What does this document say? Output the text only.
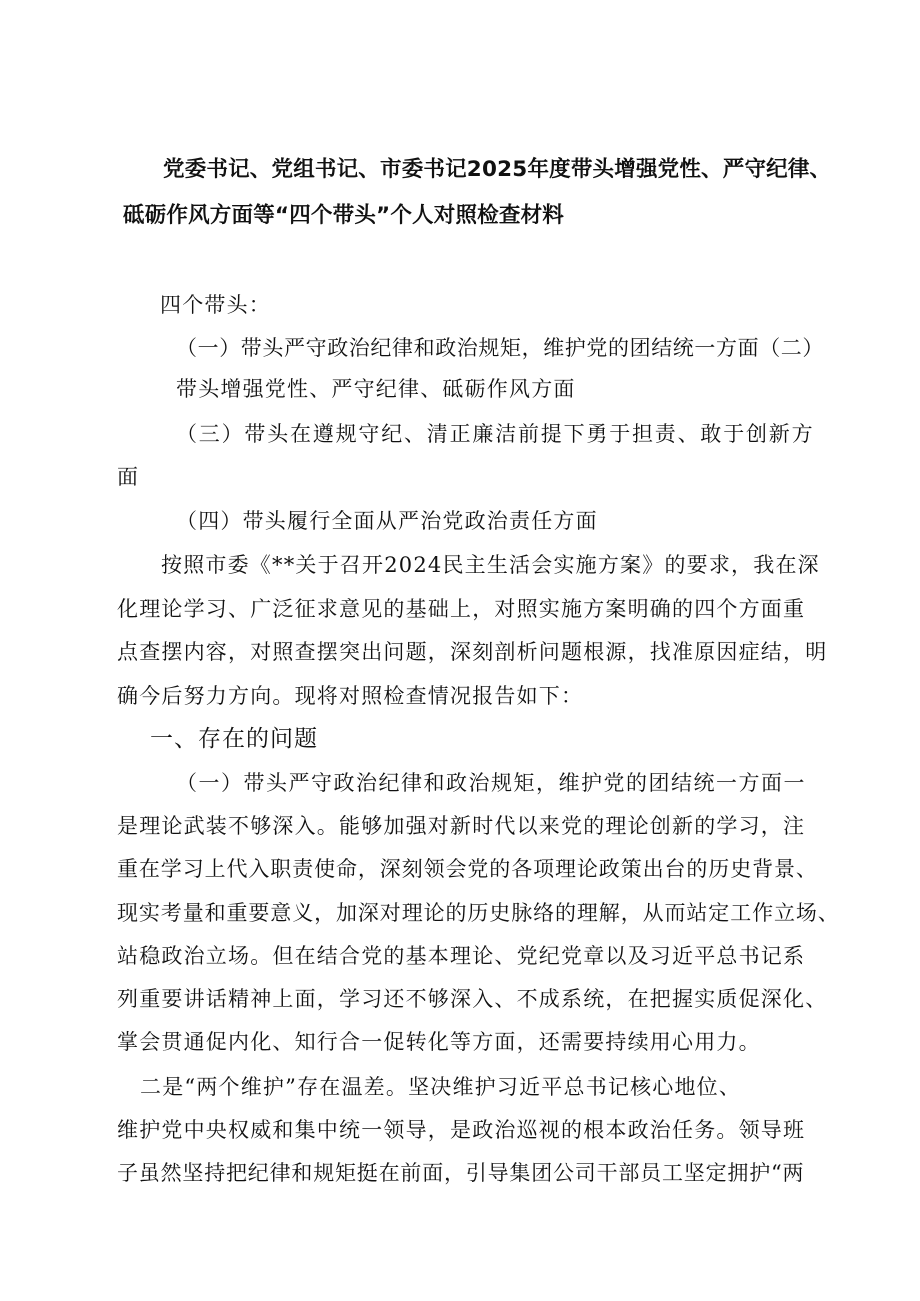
党委书记、党组书记、市委书记2025年度带头增强党性、严守纪律、
砥砺作风方面等“四个带头”个人对照检查材料
四个带头：
（一）带头严守政治纪律和政治规矩，维护党的团结统一方面（二）
带头增强党性、严守纪律、砥砺作风方面
（三）带头在遵规守纪、清正廉洁前提下勇于担责、敢于创新方
面
（四）带头履行全面从严治党政治责任方面
按照市委《**关于召开2024民主生活会实施方案》的要求，我在深
化理论学习、广泛征求意见的基础上，对照实施方案明确的四个方面重
点查摆内容，对照查摆突出问题，深刻剖析问题根源，找准原因症结，明
确今后努力方向。现将对照检查情况报告如下：
一、存在的问题
（一）带头严守政治纪律和政治规矩，维护党的团结统一方面一
是理论武装不够深入。能够加强对新时代以来党的理论创新的学习，注
重在学习上代入职责使命，深刻领会党的各项理论政策出台的历史背景、
现实考量和重要意义，加深对理论的历史脉络的理解，从而站定工作立场、
站稳政治立场。但在结合党的基本理论、党纪党章以及习近平总书记系
列重要讲话精神上面，学习还不够深入、不成系统，在把握实质促深化、
掌会贯通促内化、知行合一促转化等方面，还需要持续用心用力。
二是“两个维护”存在温差。坚决维护习近平总书记核心地位、
维护党中央权威和集中统一领导，是政治巡视的根本政治任务。领导班
子虽然坚持把纪律和规矩挺在前面，引导集团公司干部员工坚定拥护“两
